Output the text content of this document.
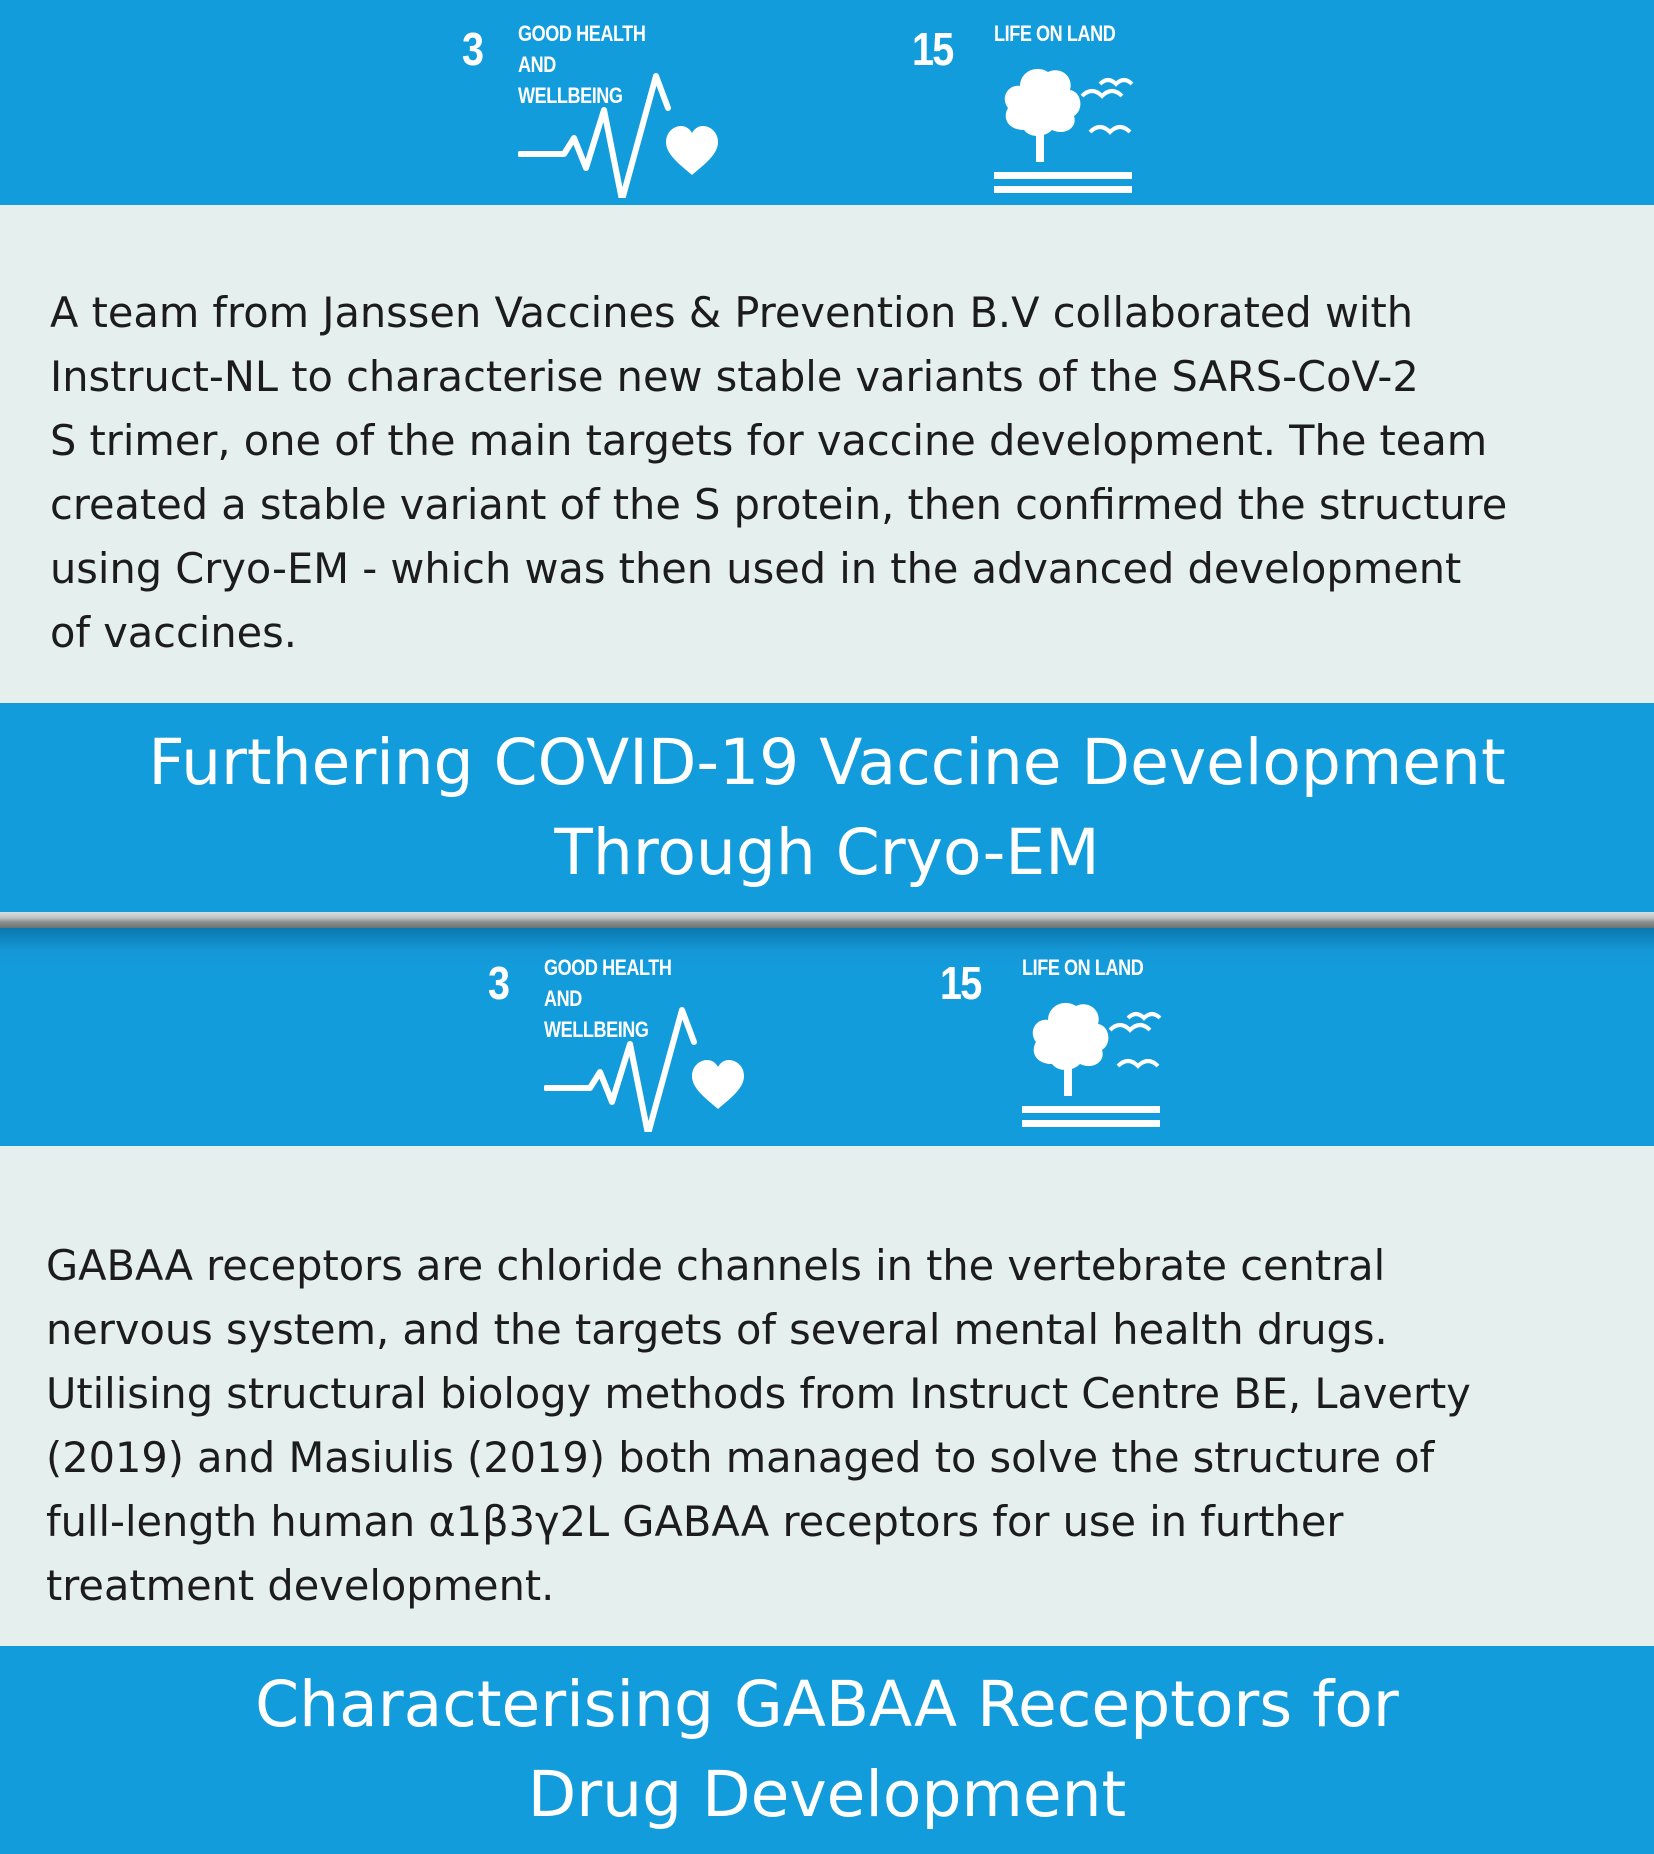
3 GOOD HEALTH AND
WELLBEING
15 LIFE ON LAND

A team from Janssen Vaccines & Prevention B.V collaborated with
Instruct-NL to characterise new stable variants of the SARS-CoV-2
S trimer, one of the main targets for vaccine development. The team
created a stable variant of the S protein, then confirmed the structure
using Cryo-EM - which was then used in the advanced development
of vaccines.

Furthering COVID-19 Vaccine Development
Through Cryo-EM
3 GOOD HEALTH AND
WELLBEING
15 LIFE ON LAND

GABAA receptors are chloride channels in the vertebrate central
nervous system, and the targets of several mental health drugs.
Utilising structural biology methods from Instruct Centre BE, Laverty
(2019) and Masiulis (2019) both managed to solve the structure of
full-length human α1β3γ2L GABAA receptors for use in further
treatment development.

Characterising GABAA Receptors for
Drug Development
